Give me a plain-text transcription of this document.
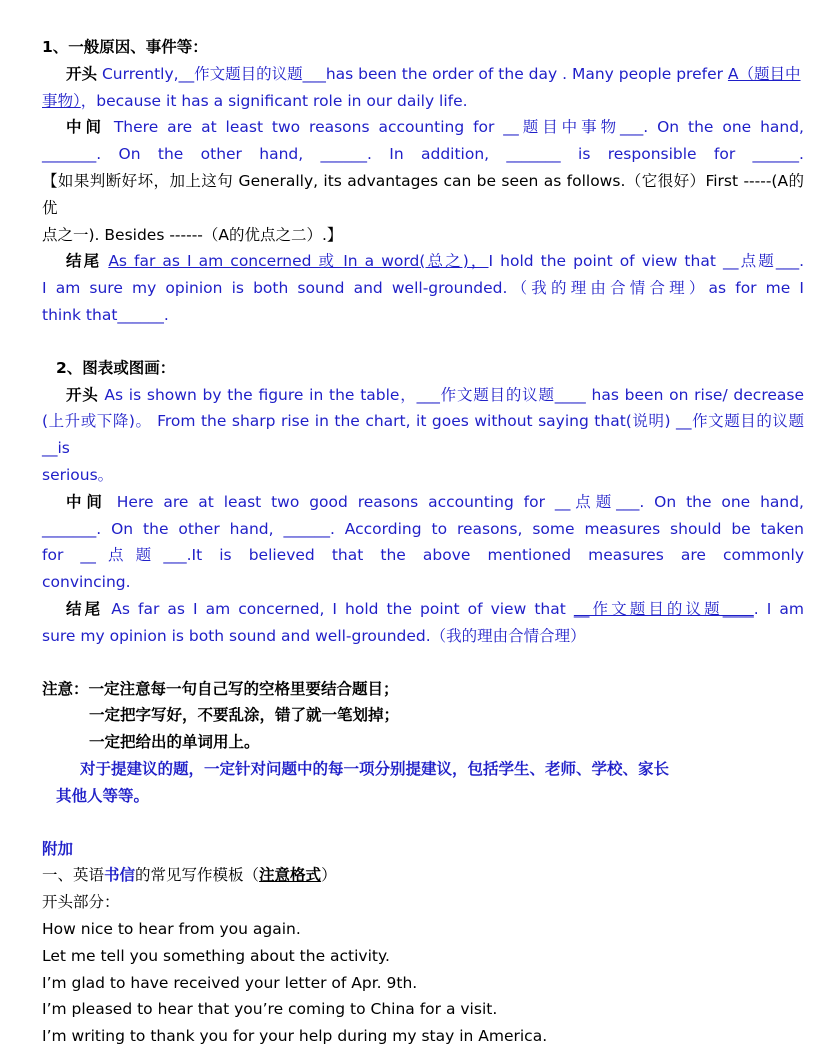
1、一般原因、事件等：
开头 Currently,__作文题目的议题___has been the order of the day . Many people prefer A（题目中
事物），because it has a significant role in our daily life.
中间 There are at least two reasons accounting for __题目中事物___. On the one hand,
_______. On the other hand, ______. In addition, _______ is responsible for ______.
【如果判断好坏，加上这句 Generally, its advantages can be seen as follows.（它很好）First -----(A的优
点之一). Besides ------（A的优点之二）.】
结尾 As far as I am concerned 或 In a word(总之)，I hold the point of view that __点题___.
I am sure my opinion is both sound and well-grounded.（我的理由合情合理）as for me I
think that______.
2、图表或图画：
开头 As is shown by the figure in the table，___作文题目的议题____ has been on rise/ decrease
(上升或下降)。 From the sharp rise in the chart, it goes without saying that(说明) __作文题目的议题__is
serious。
中间 Here are at least two good reasons accounting for __点题___. On the one hand,
_______. On the other hand, ______. According to reasons, some measures should be taken
for __点题___.It is believed that the above mentioned measures are commonly
convincing.
结尾 As far as I am concerned, I hold the point of view that __作文题目的议题____. I am
sure my opinion is both sound and well-grounded.（我的理由合情合理）
注意：一定注意每一句自己写的空格里要结合题目；
一定把字写好，不要乱涂，错了就一笔划掉；
一定把给出的单词用上。
对于提建议的题，一定针对问题中的每一项分别提建议，包括学生、老师、学校、家长
其他人等等。
附加
一、英语书信的常见写作模板（注意格式）
开头部分：
How nice to hear from you again.
Let me tell you something about the activity.
I’m glad to have received your letter of Apr. 9th.
I’m pleased to hear that you’re coming to China for a visit.
I’m writing to thank you for your help during my stay in America.
